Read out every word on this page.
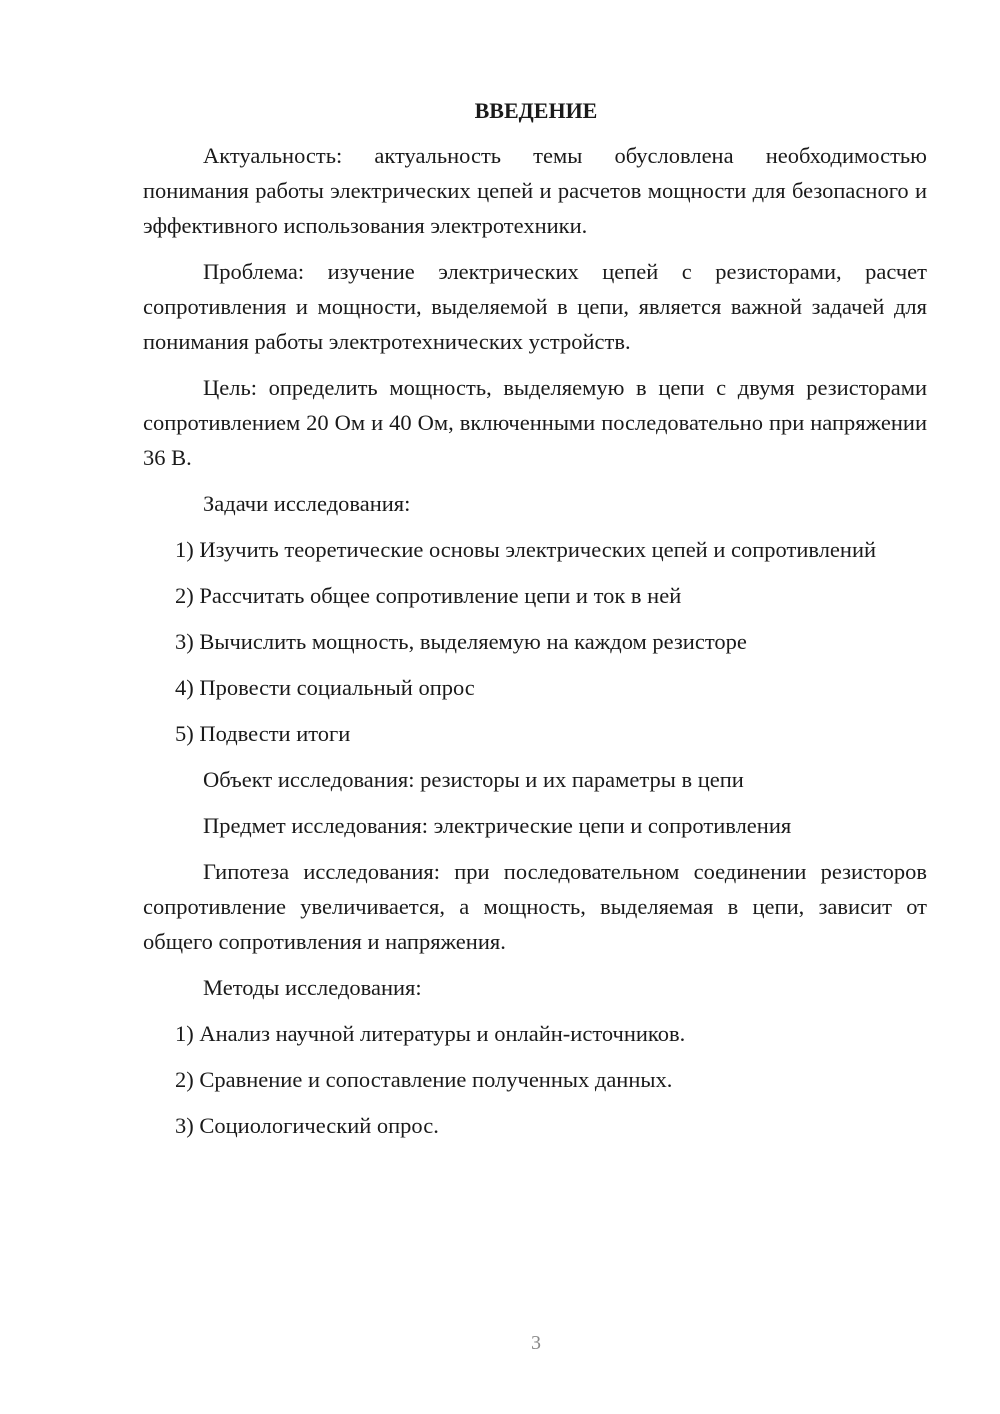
ВВЕДЕНИЕ

Актуальность: актуальность темы обусловлена необходимостью понимания работы электрических цепей и расчетов мощности для безопасного и эффективного использования электротехники.

Проблема: изучение электрических цепей с резисторами, расчет сопротивления и мощности, выделяемой в цепи, является важной задачей для понимания работы электротехнических устройств.

Цель: определить мощность, выделяемую в цепи с двумя резисторами сопротивлением 20 Ом и 40 Ом, включенными последовательно при напряжении 36 В.

Задачи исследования:

1) Изучить теоретические основы электрических цепей и сопротивлений

2) Рассчитать общее сопротивление цепи и ток в ней

3) Вычислить мощность, выделяемую на каждом резисторе

4) Провести социальный опрос

5) Подвести итоги

Объект исследования: резисторы и их параметры в цепи

Предмет исследования: электрические цепи и сопротивления

Гипотеза исследования: при последовательном соединении резисторов сопротивление увеличивается, а мощность, выделяемая в цепи, зависит от общего сопротивления и напряжения.

Методы исследования:

1) Анализ научной литературы и онлайн-источников.

2) Сравнение и сопоставление полученных данных.

3) Социологический опрос.

3
